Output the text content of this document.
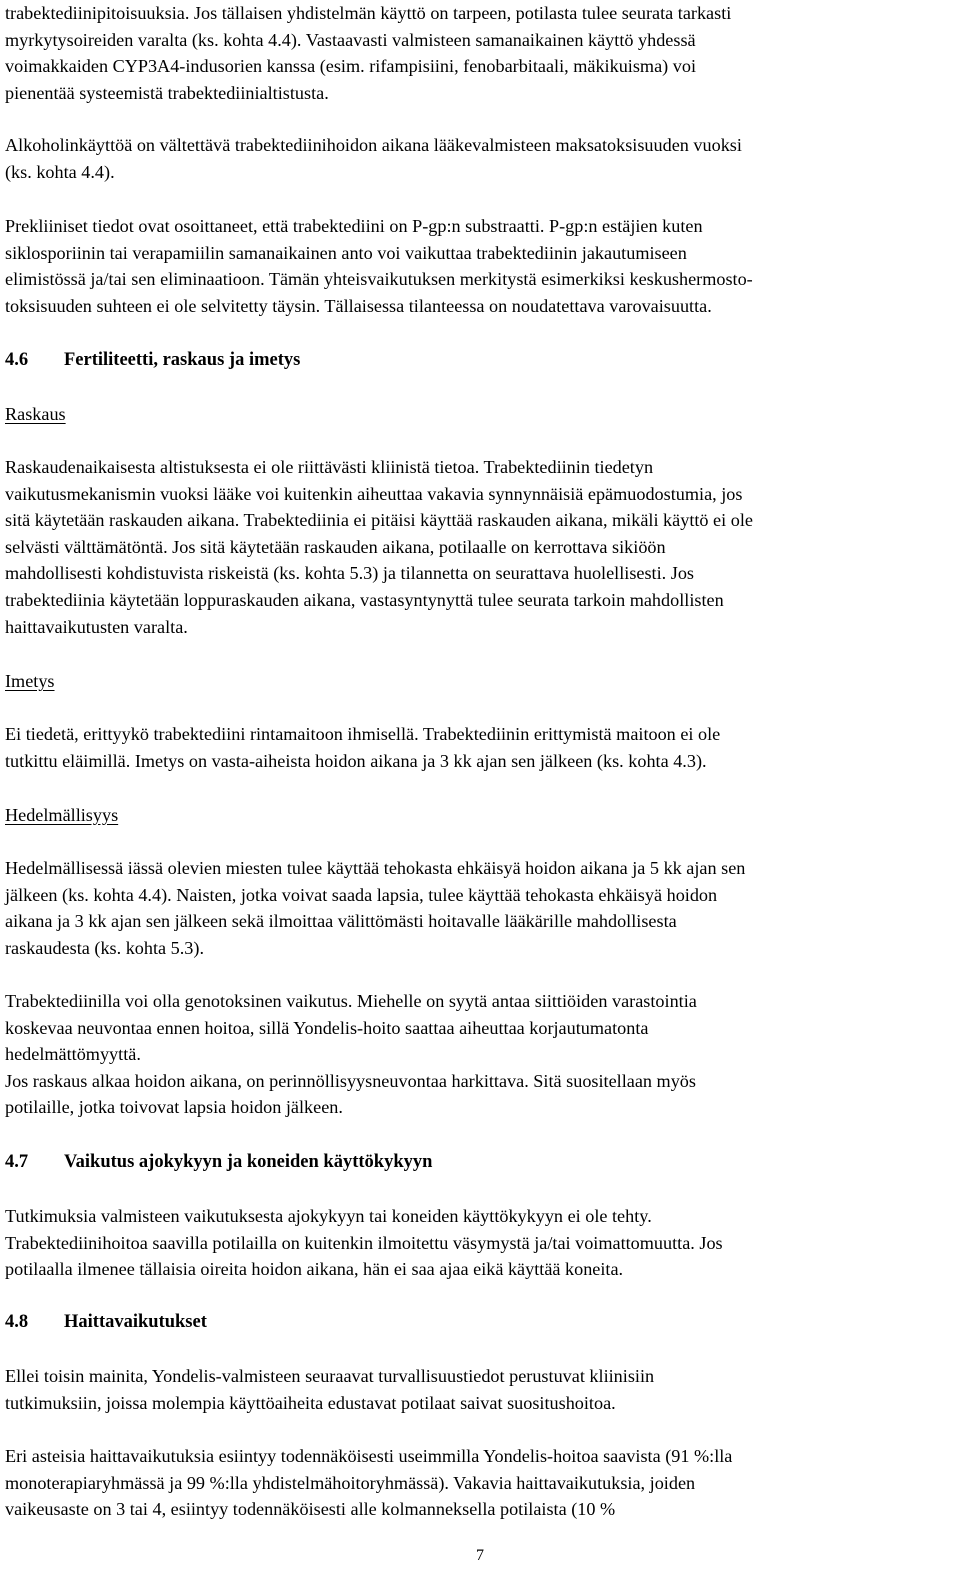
trabektediinipitoisuuksia. Jos tällaisen yhdistelmän käyttö on tarpeen, potilasta tulee seurata tarkasti
myrkytysoireiden varalta (ks. kohta 4.4). Vastaavasti valmisteen samanaikainen käyttö yhdessä
voimakkaiden CYP3A4-indusorien kanssa (esim. rifampisiini, fenobarbitaali, mäkikuisma) voi
pienentää systeemistä trabektediinialtistusta.
Alkoholinkäyttöä on vältettävä trabektediinihoidon aikana lääkevalmisteen maksatoksisuuden vuoksi
(ks. kohta 4.4).
Prekliiniset tiedot ovat osoittaneet, että trabektediini on P-gp:n substraatti. P-gp:n estäjien kuten
siklosporiinin tai verapamiilin samanaikainen anto voi vaikuttaa trabektediinin jakautumiseen
elimistössä ja/tai sen eliminaatioon. Tämän yhteisvaikutuksen merkitystä esimerkiksi keskushermosto-
toksisuuden suhteen ei ole selvitetty täysin. Tällaisessa tilanteessa on noudatettava varovaisuutta.
4.6 Fertiliteetti, raskaus ja imetys
Raskaus
Raskaudenaikaisesta altistuksesta ei ole riittävästi kliinistä tietoa. Trabektediinin tiedetyn
vaikutusmekanismin vuoksi lääke voi kuitenkin aiheuttaa vakavia synnynnäisiä epämuodostumia, jos
sitä käytetään raskauden aikana. Trabektediinia ei pitäisi käyttää raskauden aikana, mikäli käyttö ei ole
selvästi välttämätöntä. Jos sitä käytetään raskauden aikana, potilaalle on kerrottava sikiöön
mahdollisesti kohdistuvista riskeistä (ks. kohta 5.3) ja tilannetta on seurattava huolellisesti. Jos
trabektediinia käytetään loppuraskauden aikana, vastasyntynyttä tulee seurata tarkoin mahdollisten
haittavaikutusten varalta.
Imetys
Ei tiedetä, erittyykö trabektediini rintamaitoon ihmisellä. Trabektediinin erittymistä maitoon ei ole
tutkittu eläimillä. Imetys on vasta-aiheista hoidon aikana ja 3 kk ajan sen jälkeen (ks. kohta 4.3).
Hedelmällisyys
Hedelmällisessä iässä olevien miesten tulee käyttää tehokasta ehkäisyä hoidon aikana ja 5 kk ajan sen
jälkeen (ks. kohta 4.4). Naisten, jotka voivat saada lapsia, tulee käyttää tehokasta ehkäisyä hoidon
aikana ja 3 kk ajan sen jälkeen sekä ilmoittaa välittömästi hoitavalle lääkärille mahdollisesta
raskaudesta (ks. kohta 5.3).
Trabektediinilla voi olla genotoksinen vaikutus. Miehelle on syytä antaa siittiöiden varastointia
koskevaa neuvontaa ennen hoitoa, sillä Yondelis-hoito saattaa aiheuttaa korjautumatonta
hedelmättömyyttä.
Jos raskaus alkaa hoidon aikana, on perinnöllisyysneuvontaa harkittava. Sitä suositellaan myös
potilaille, jotka toivovat lapsia hoidon jälkeen.
4.7 Vaikutus ajokykyyn ja koneiden käyttökykyyn
Tutkimuksia valmisteen vaikutuksesta ajokykyyn tai koneiden käyttökykyyn ei ole tehty.
Trabektediinihoitoa saavilla potilailla on kuitenkin ilmoitettu väsymystä ja/tai voimattomuutta. Jos
potilaalla ilmenee tällaisia oireita hoidon aikana, hän ei saa ajaa eikä käyttää koneita.
4.8 Haittavaikutukset
Ellei toisin mainita, Yondelis-valmisteen seuraavat turvallisuustiedot perustuvat kliinisiin
tutkimuksiin, joissa molempia käyttöaiheita edustavat potilaat saivat suositushoitoa.
Eri asteisia haittavaikutuksia esiintyy todennäköisesti useimmilla Yondelis-hoitoa saavista (91 %:lla
monoterapiaryhmässä ja 99 %:lla yhdistelmähoitoryhmässä). Vakavia haittavaikutuksia, joiden
vaikeusaste on 3 tai 4, esiintyy todennäköisesti alle kolmanneksella potilaista (10 %
7
